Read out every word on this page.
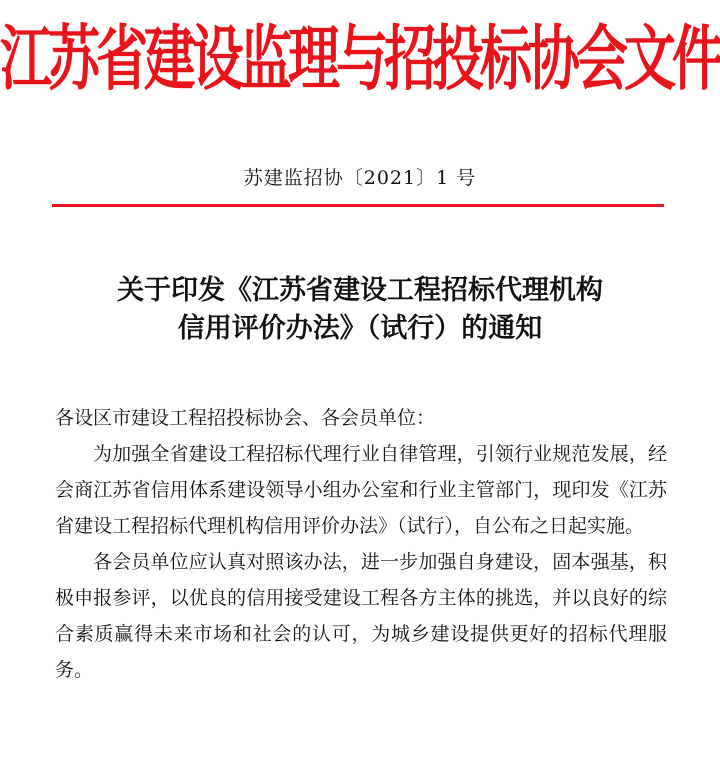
江苏省建设监理与招投标协会文件
苏建监招协〔2021〕1 号
关于印发《江苏省建设工程招标代理机构
信用评价办法》（试行）的通知

各设区市建设工程招投标协会、各会员单位：

为加强全省建设工程招标代理行业自律管理，引领行业规范发展，经会商江苏省信用体系建设领导小组办公室和行业主管部门，现印发《江苏省建设工程招标代理机构信用评价办法》（试行），自公布之日起实施。

各会员单位应认真对照该办法，进一步加强自身建设，固本强基，积极申报参评，以优良的信用接受建设工程各方主体的挑选，并以良好的综合素质赢得未来市场和社会的认可，为城乡建设提供更好的招标代理服务。
